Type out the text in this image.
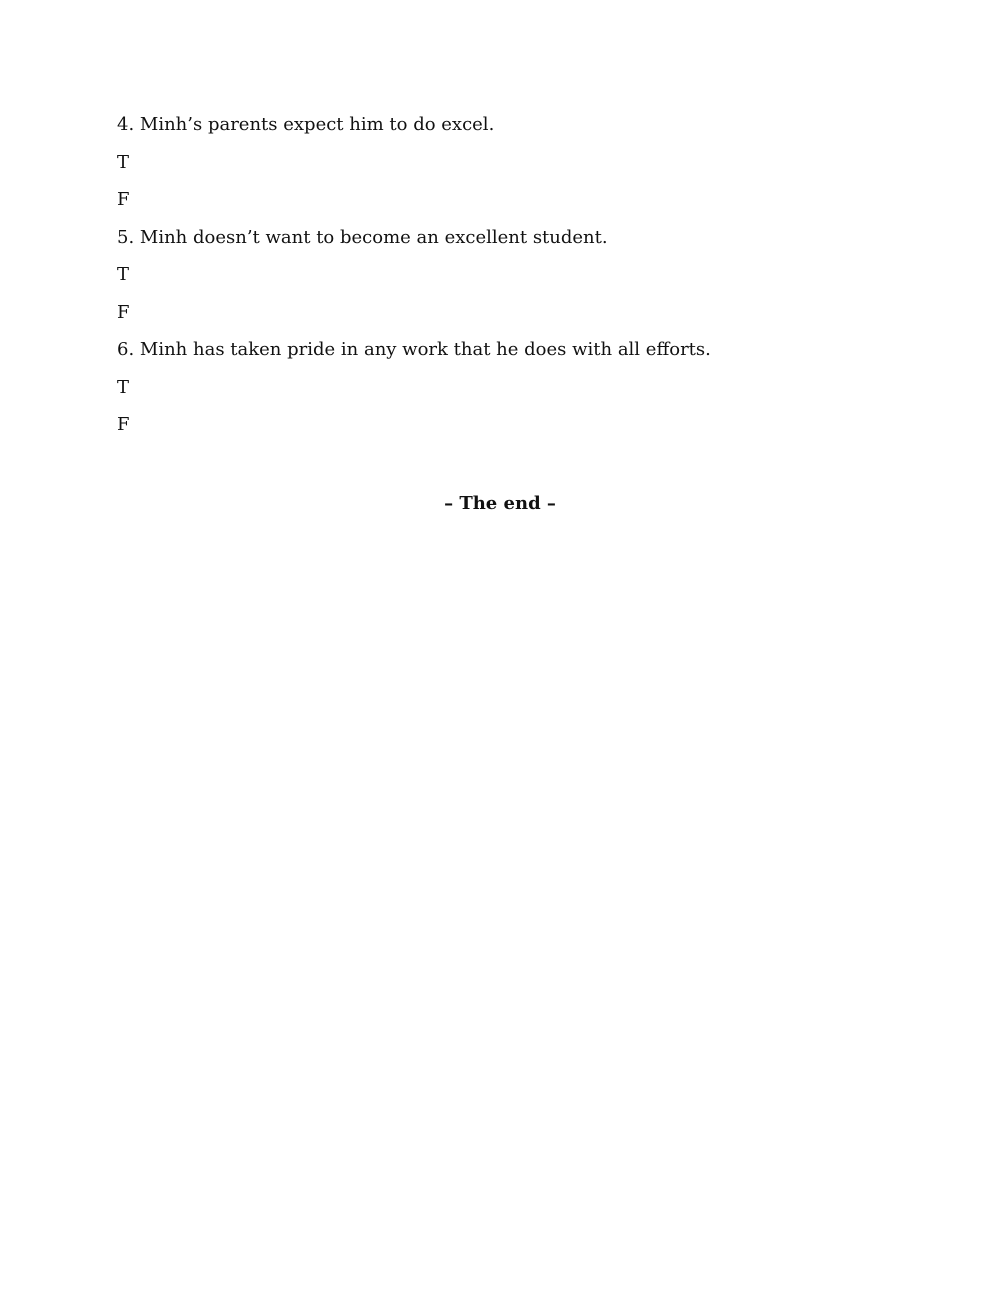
4. Minh’s parents expect him to do excel.
T
F
5. Minh doesn’t want to become an excellent student.
T
F
6. Minh has taken pride in any work that he does with all efforts.
T
F
– The end –
